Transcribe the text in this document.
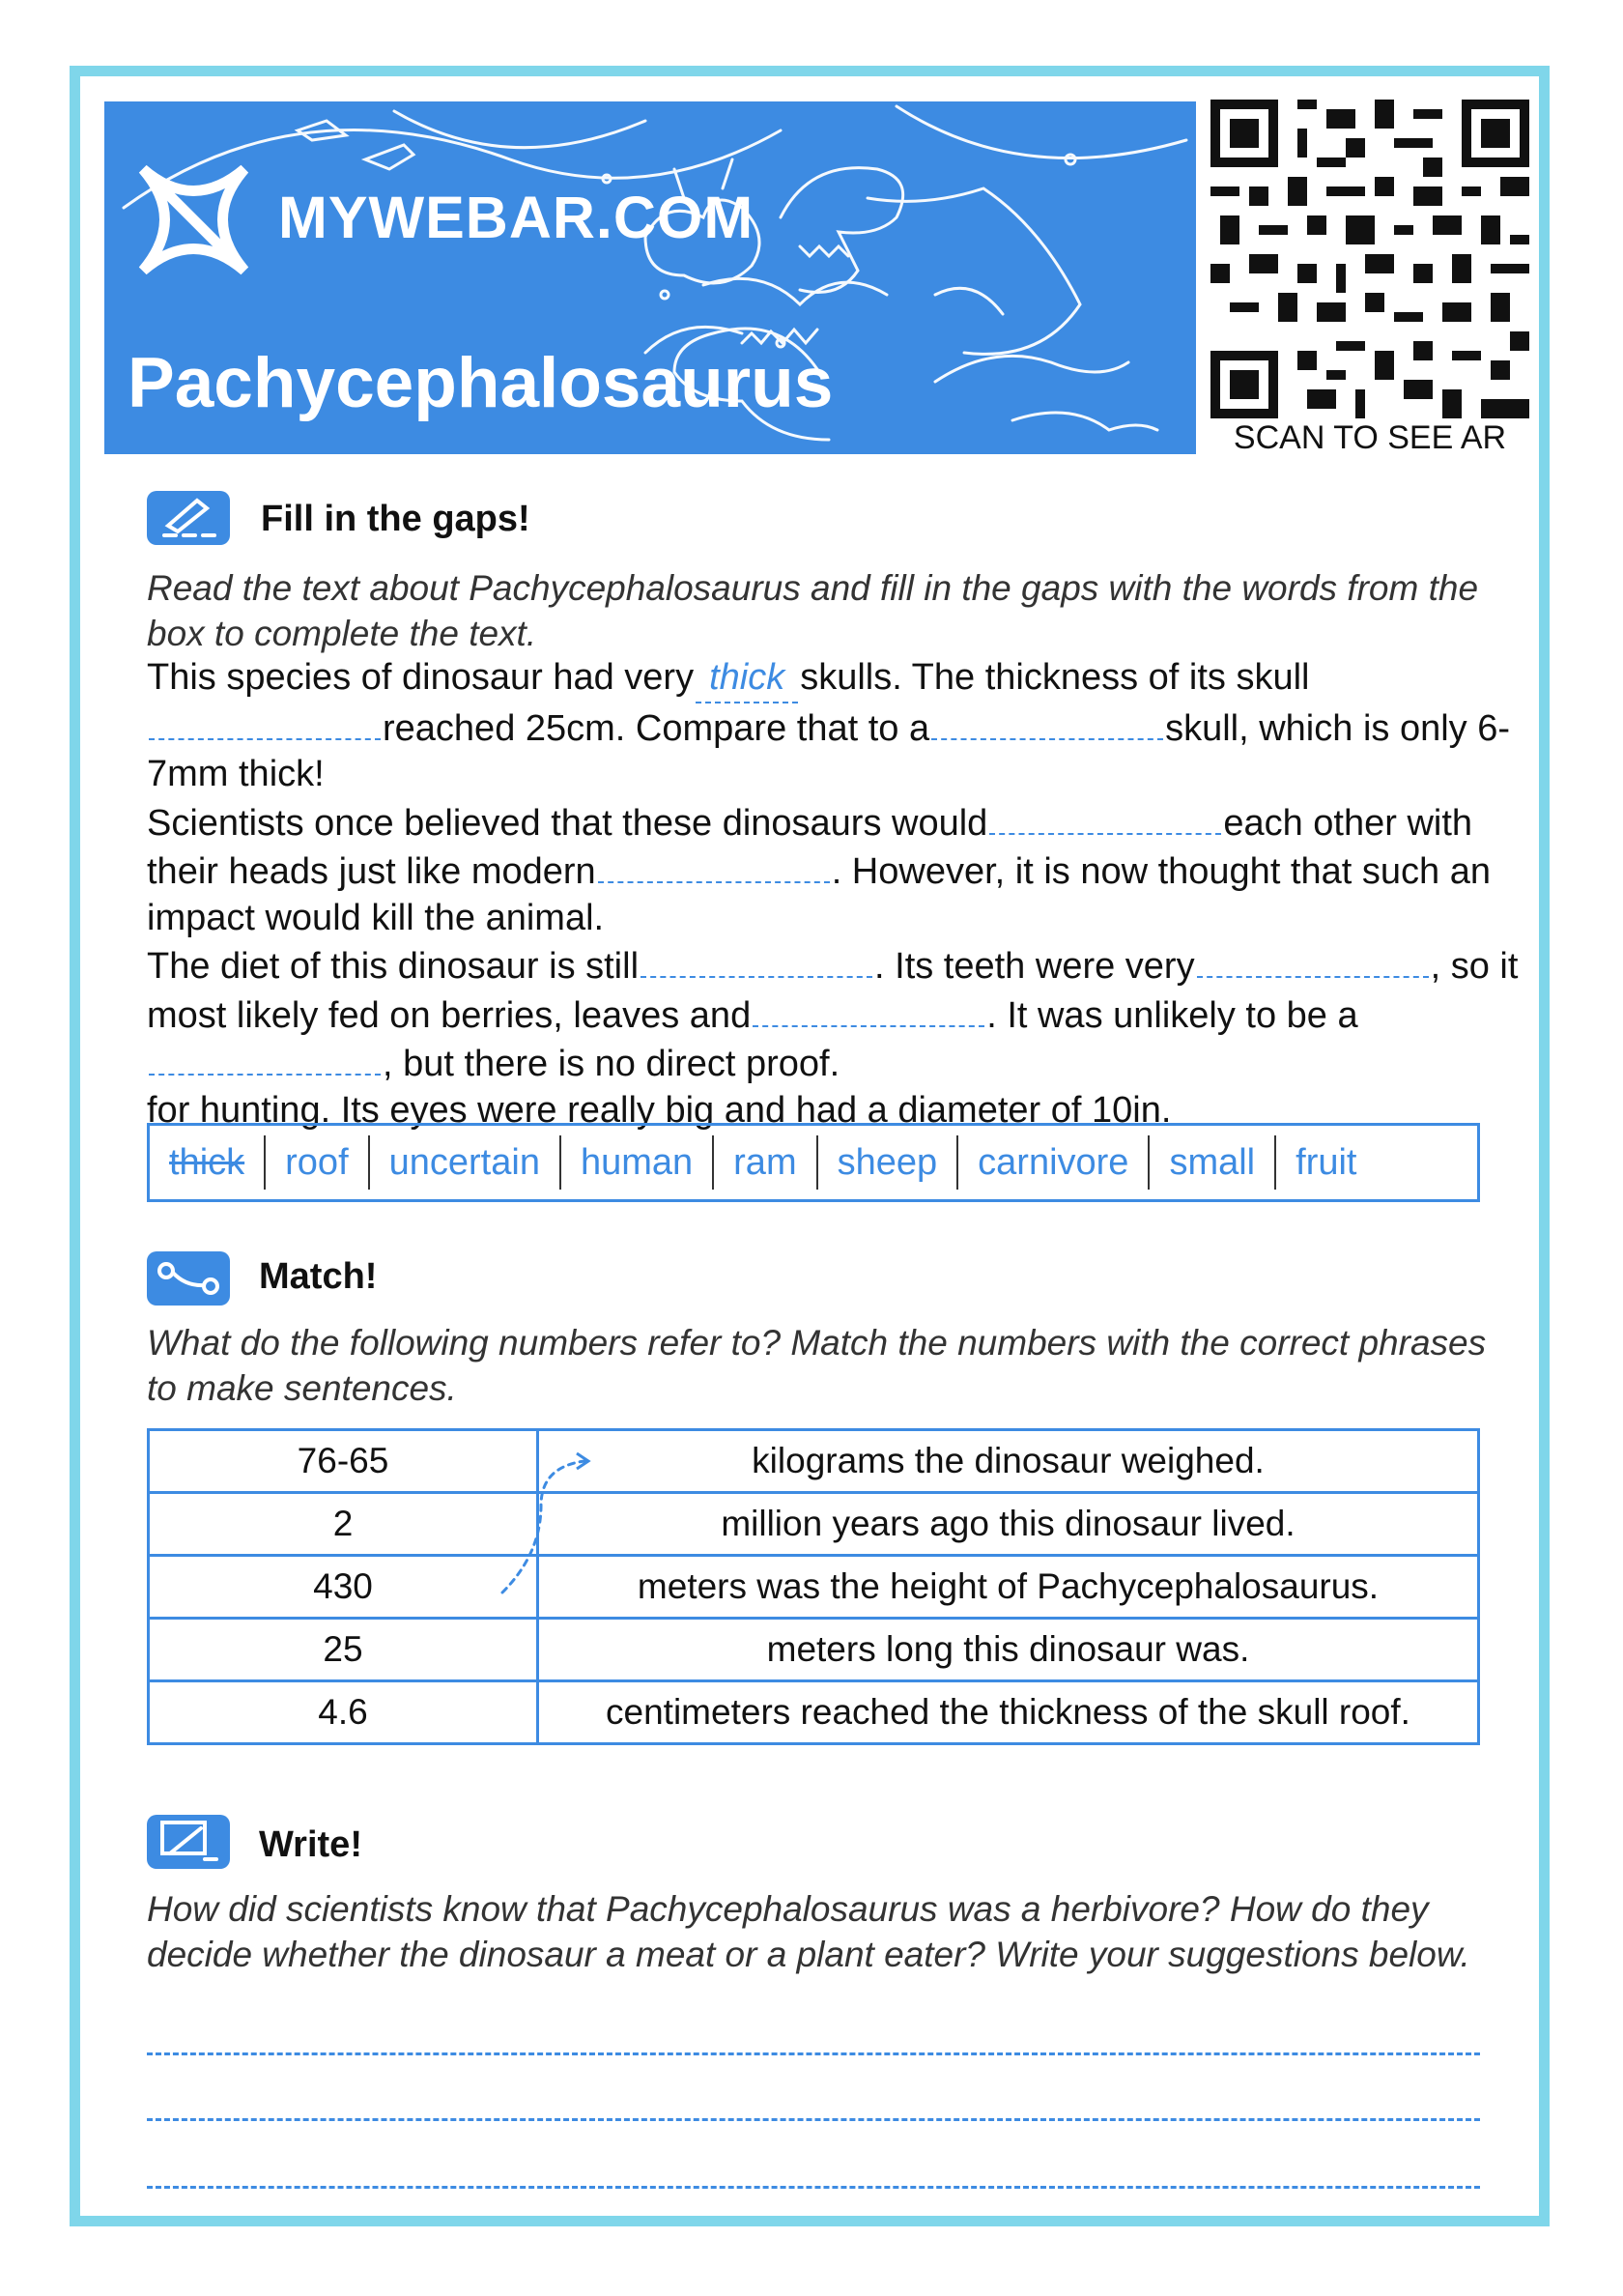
MYWEBAR.COM
Pachycephalosaurus
SCAN TO SEE AR
Fill in the gaps!
Read the text about Pachycephalosaurus and fill in the gaps with the words from the box to complete the text.
This species of dinosaur had very thick skulls. The thickness of its skull
reached 25cm. Compare that to a	skull, which is only 6-7mm thick!
Scientists once believed that these dinosaurs would	each other with their heads just like modern	. However, it is now thought that such an impact would kill the animal.
The diet of this dinosaur is still	. Its teeth were very	, so it most likely fed on berries, leaves and	. It was unlikely to be a
, but there is no direct proof.
for hunting. Its eyes were really big and had a diameter of 10in.
thick	roof	uncertain	human	ram	sheep	carnivore	small	fruit
Match!
What do the following numbers refer to? Match the numbers with the correct phrases to make sentences.
76-65	kilograms the dinosaur weighed.
2	million years ago this dinosaur lived.
430	meters was the height of Pachycephalosaurus.
25	meters long this dinosaur was.
4.6	centimeters reached the thickness of the skull roof.
Write!
How did scientists know that Pachycephalosaurus was a herbivore? How do they decide whether the dinosaur a meat or a plant eater? Write your suggestions below.
